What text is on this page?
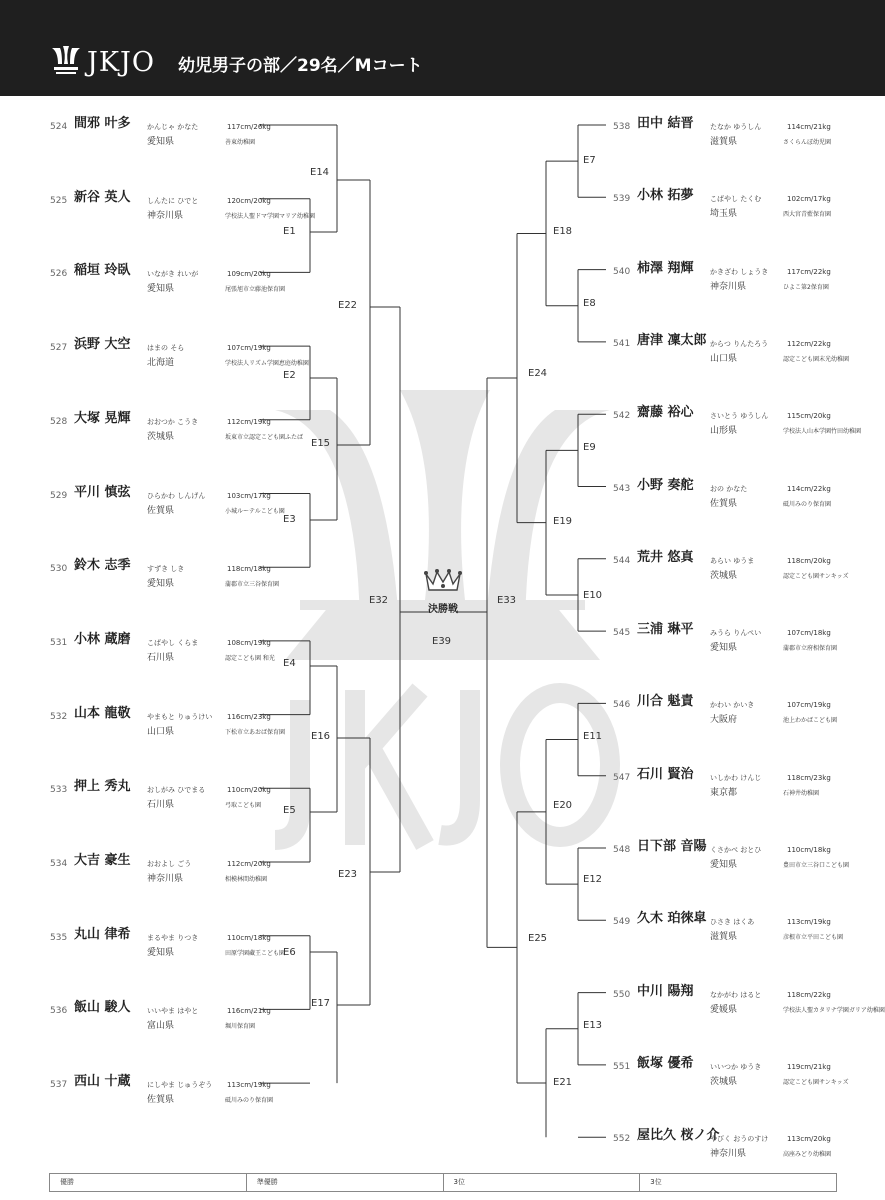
JKJO 幼児男子の部／29名／Mコート
524 間邪 叶多 かんじゃ かなた	117cm/26kg
愛知県	善東幼稚園
525 新谷 英人 しんたに ひでと	120cm/20kg
神奈川県	学校法人聖ドマ学園マリア幼稚園
526 稲垣 玲臥 いながき れいが	109cm/20kg
愛知県	尾張旭市立藤池保育園
527 浜野 大空 はまの そら	107cm/19kg
北海道	学校法人リズム学園恵庭幼稚園
528 大塚 晃輝 おおつか こうき	112cm/19kg
茨城県	坂東市立認定こども園ふたば
529 平川 慎弦 ひらかわ しんげん	103cm/17kg
佐賀県	小城ルーテルこども園
530 鈴木 志季 すずき しき	118cm/18kg
愛知県	蒲郡市立三谷保育園
531 小林 蔵磨 こばやし くらま	108cm/19kg
石川県	認定こども園 和光
532 山本 龍敬 やまもと りゅうけい 116cm/23kg
山口県	下松市立あおば保育園
533 押上 秀丸 おしがみ ひでまる	110cm/20kg
石川県	弓取こども園
534 大吉 豪生 おおよし ごう	112cm/20kg
神奈川県	相模林間幼稚園
535 丸山 律希 まるやま りつき	110cm/18kg
愛知県	田原学園藏王こども園
536 飯山 駿人 いいやま はやと	116cm/21kg
富山県	堀川保育園
537 西山 十蔵 にしやま じゅうぞう 113cm/19kg
佐賀県	砥川みのり保育園
538 田中 結晋 たなか ゆうしん	114cm/21kg
滋賀県	さくらんぼ幼児園
539 小林 拓夢 こばやし たくむ	102cm/17kg
埼玉県	西大宮青藍保育園
540 柿澤 翔輝 かきざわ しょうき	117cm/22kg
神奈川県	ひよこ第2保育園
541 唐津 凜太郎 からつ りんたろう	112cm/22kg
山口県	認定こども園末光幼稚園
542 齋藤 裕心 さいとう ゆうしん	115cm/20kg
山形県	学校法人山本学園竹田幼稚園
543 小野 奏舵 おの かなた	114cm/22kg
佐賀県	砥川みのり保育園
544 荒井 悠真 あらい ゆうま	118cm/20kg
茨城県	認定こども園サンキッズ
545 三浦 琳平 みうら りんぺい	107cm/18kg
愛知県	蒲郡市立府相保育園
546 川合 魁責 かわい かいき	107cm/19kg
大阪府	池上わかばこども園
547 石川 賢治 いしかわ けんじ	118cm/23kg
東京都	石神井幼稚園
548 日下部 音陽 くさかべ おとひ	110cm/18kg
愛知県	豊田市立三谷口こども園
549 久木 珀徠皐 ひさき はくあ	113cm/19kg
滋賀県	彦根市立平田こども園
550 中川 陽翔 なかがわ はると	118cm/22kg
愛媛県	学校法人聖カタリナ学園ガリア幼稚園
551 飯塚 優希 いいつか ゆうき	119cm/21kg
茨城県	認定こども園サンキッズ
552 屋比久 桜ノ介
やびく おうのすけ	113cm/20kg
神奈川県	高座みどり幼稚園
E14
E1
E22
E2
E15
E3
E4
E16
E5
E23
E6
E17
E7
E18
E8
E24
E9
E19
E10
E11
E20
E12
E25
E13
E21
E32	E33
E39
決勝戦
優勝	準優勝	3位	3位
